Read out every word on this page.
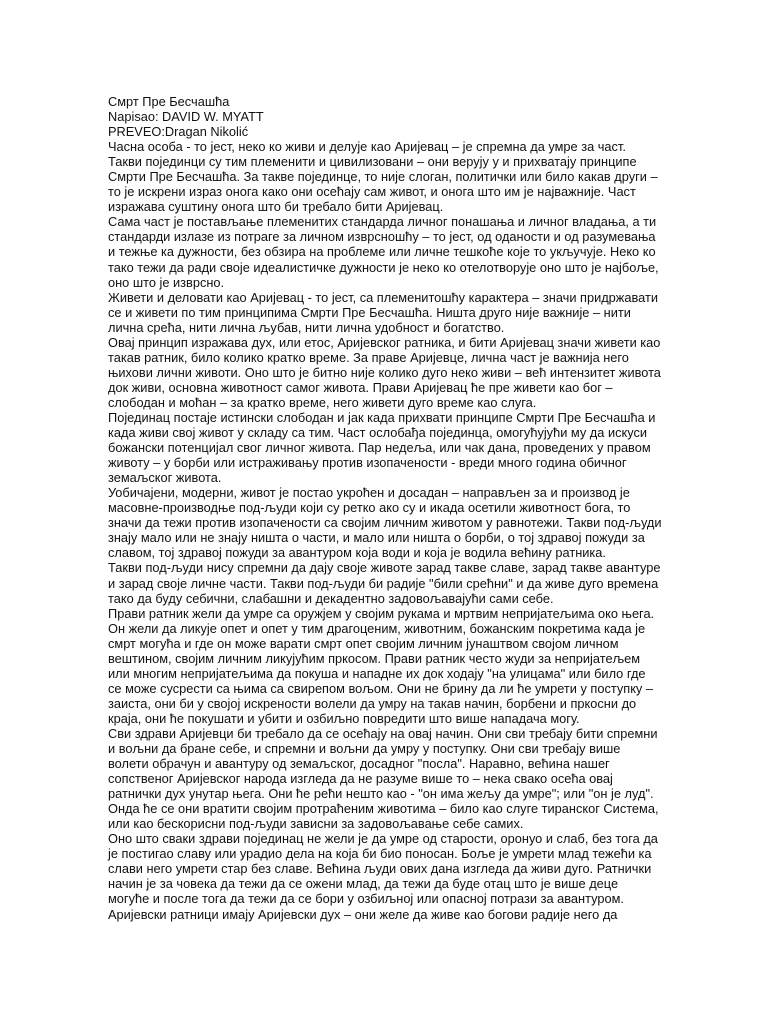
Смрт Пре Бесчашћа
Napisao: DAVID W. MYATT
PREVEO:Dragan Nikolić

Часна особа - то јест, неко ко живи и делује као Аријевац – је спремна да умре за част. Такви појединци су тим племенити и цивилизовани – они верују у и прихватају принципе Смрти Пре Бесчашћа. За такве појединце, то није слоган, политички или било какав други – то је искрени израз онога како они осећају сам живот, и онога што им је најважније. Част изражава суштину онога што би требало бити Аријевац.

Сама част је постављање племенитих стандарда личног понашања и личног владања, а ти стандарди излазе из потраге за личном изврсношћу – то јест, од оданости и од разумевања и тежње ка дужности, без обзира на проблеме или личне тешкоће које то укључује. Неко ко тако тежи да ради своје идеалистичке дужности је неко ко отелотворује оно што је најбоље, оно што је изврсно.

Живети и деловати као Аријевац - то јест, са племенитошћу карактера – значи придржавати се и живети по тим принципима Смрти Пре Бесчашћа. Ништа друго није важније – нити лична срећа, нити лична љубав, нити лична удобност и богатство.

Овај принцип изражава дух, или етос, Аријевског ратника, и бити Аријевац значи живети као такав ратник, било колико кратко време. За праве Аријевце, лична част је важнија него њихови лични животи. Оно што је битно није колико дуго неко живи – већ интензитет живота док живи, основна животност самог живота. Прави Аријевац ће пре живети као бог – слободан и моћан – за кратко време, него живети дуго време као слуга.

Појединац постаје истински слободан и јак када прихвати принципе Смрти Пре Бесчашћа и када живи свој живот у складу са тим. Част ослобађа појединца, омогућујући му да искуси божански потенцијал свог личног живота. Пар недеља, или чак дана, проведених у правом животу – у борби или истраживању против изопачености - вреди много година обичног земаљског живота.

Уобичајени, модерни, живот је постао укроћен и досадан – направљен за и производ је масовне-производње под-људи који су ретко ако су и икада осетили животност бога, то значи да тежи против изопачености са својим личним животом у равнотежи. Такви под-људи знају мало или не знају ништа о части, и мало или ништа о борби, о тој здравој пожуди за славом, тој здравој пожуди за авантуром која води и која је водила већину ратника.

Такви под-људи нису спремни да дају своје животе зарад такве славе, зарад такве авантуре и зарад своје личне части. Такви под-људи би радије "били срећни" и да живе дуго времена тако да буду себични, слабашни и декадентно задовољавајући сами себе.

Прави ратник жели да умре са оружјем у својим рукама и мртвим непријатељима око њега. Он жели да ликује опет и опет у тим драгоценим, животним, божанским покретима када је смрт могућа и где он може варати смрт опет својим личним јунаштвом својом личном вештином, својим личним ликујућим пркосом. Прави ратник често жуди за непријатељем или многим непријатељима да покуша и нападне их док ходају "на улицама" или било где се може сусрести са њима са свирепом вољом. Они не брину да ли ће умрети у поступку – заиста, они би у својој искрености волели да умру на такав начин, борбени и пркосни до краја, они ће покушати и убити и озбиљно повредити што више нападача могу.

Сви здрави Аријевци би требало да се осећају на овај начин. Они сви требају бити спремни и вољни да бране себе, и спремни и вољни да умру у поступку. Они сви требају више волети обрачун и авантуру од земаљског, досадног "посла". Наравно, већина нашег сопственог Аријевског народа изгледа да не разуме више то – нека свако осећа овај ратнички дух унутар њега. Они ће рећи нешто као - "он има жељу да умре"; или "он је луд". Онда ће се они вратити својим протраћеним животима – било као слуге тиранског Система, или као бескорисни под-људи зависни за задовољавање себе самих.

Оно што сваки здрави појединац не жели је да умре од старости, оронуо и слаб, без тога да је постигао славу или урадио дела на која би био поносан. Боље је умрети млад тежећи ка слави него умрети стар без славе. Већина људи ових дана изгледа да живи дуго. Ратнички начин је за човека да тежи да се ожени млад, да тежи да буде отац што је више деце могуће и после тога да тежи да се бори у озбиљној или опасној потрази за авантуром.

Аријевски ратници имају Аријевски дух – они желе да живе као богови радије него да
